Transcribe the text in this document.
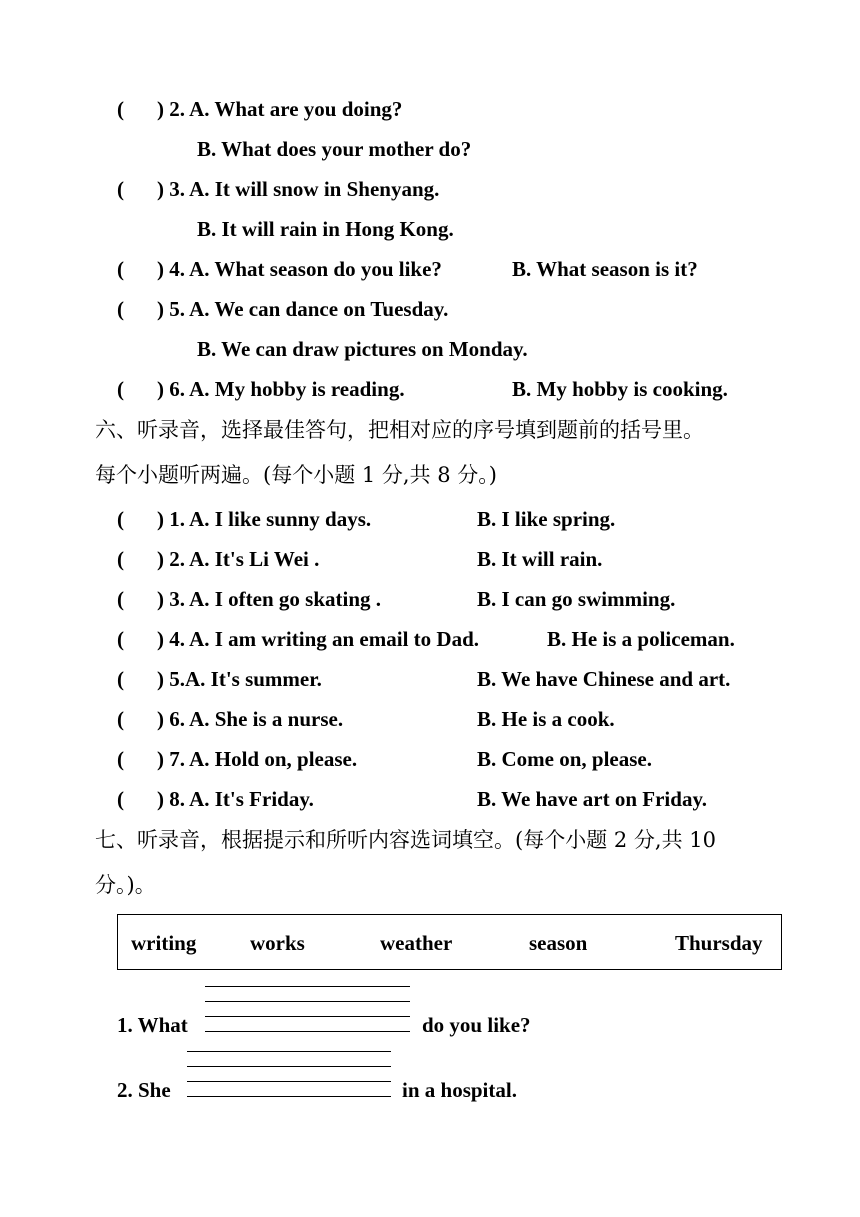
( ) 2. A. What are you doing?
B. What does your mother do?
( ) 3. A. It will snow in Shenyang.
B. It will rain in Hong Kong.
( ) 4. A. What season do you like?	B. What season is it?
( ) 5. A. We can dance on Tuesday.
B. We can draw pictures on Monday.
( ) 6. A. My hobby is reading.	B. My hobby is cooking.
六、听录音，选择最佳答句，把相对应的序号填到题前的括号里。
每个小题听两遍。(每个小题 1 分,共 8 分。)
( ) 1. A. I like sunny days.	B. I like spring.
( ) 2. A. It's Li Wei .	B. It will rain.
( ) 3. A. I often go skating .	B. I can go swimming.
( ) 4. A. I am writing an email to Dad.	B. He is a policeman.
( ) 5.A. It's summer.	B. We have Chinese and art.
( ) 6. A. She is a nurse.	B. He is a cook.
( ) 7. A. Hold on, please.	B. Come on, please.
( ) 8. A. It's Friday.	B. We have art on Friday.
七、听录音，根据提示和所听内容选词填空。(每个小题 2 分,共 10
分。)。
writing	works	weather	season	Thursday
1. What	do you like?
2. She	in a hospital.
